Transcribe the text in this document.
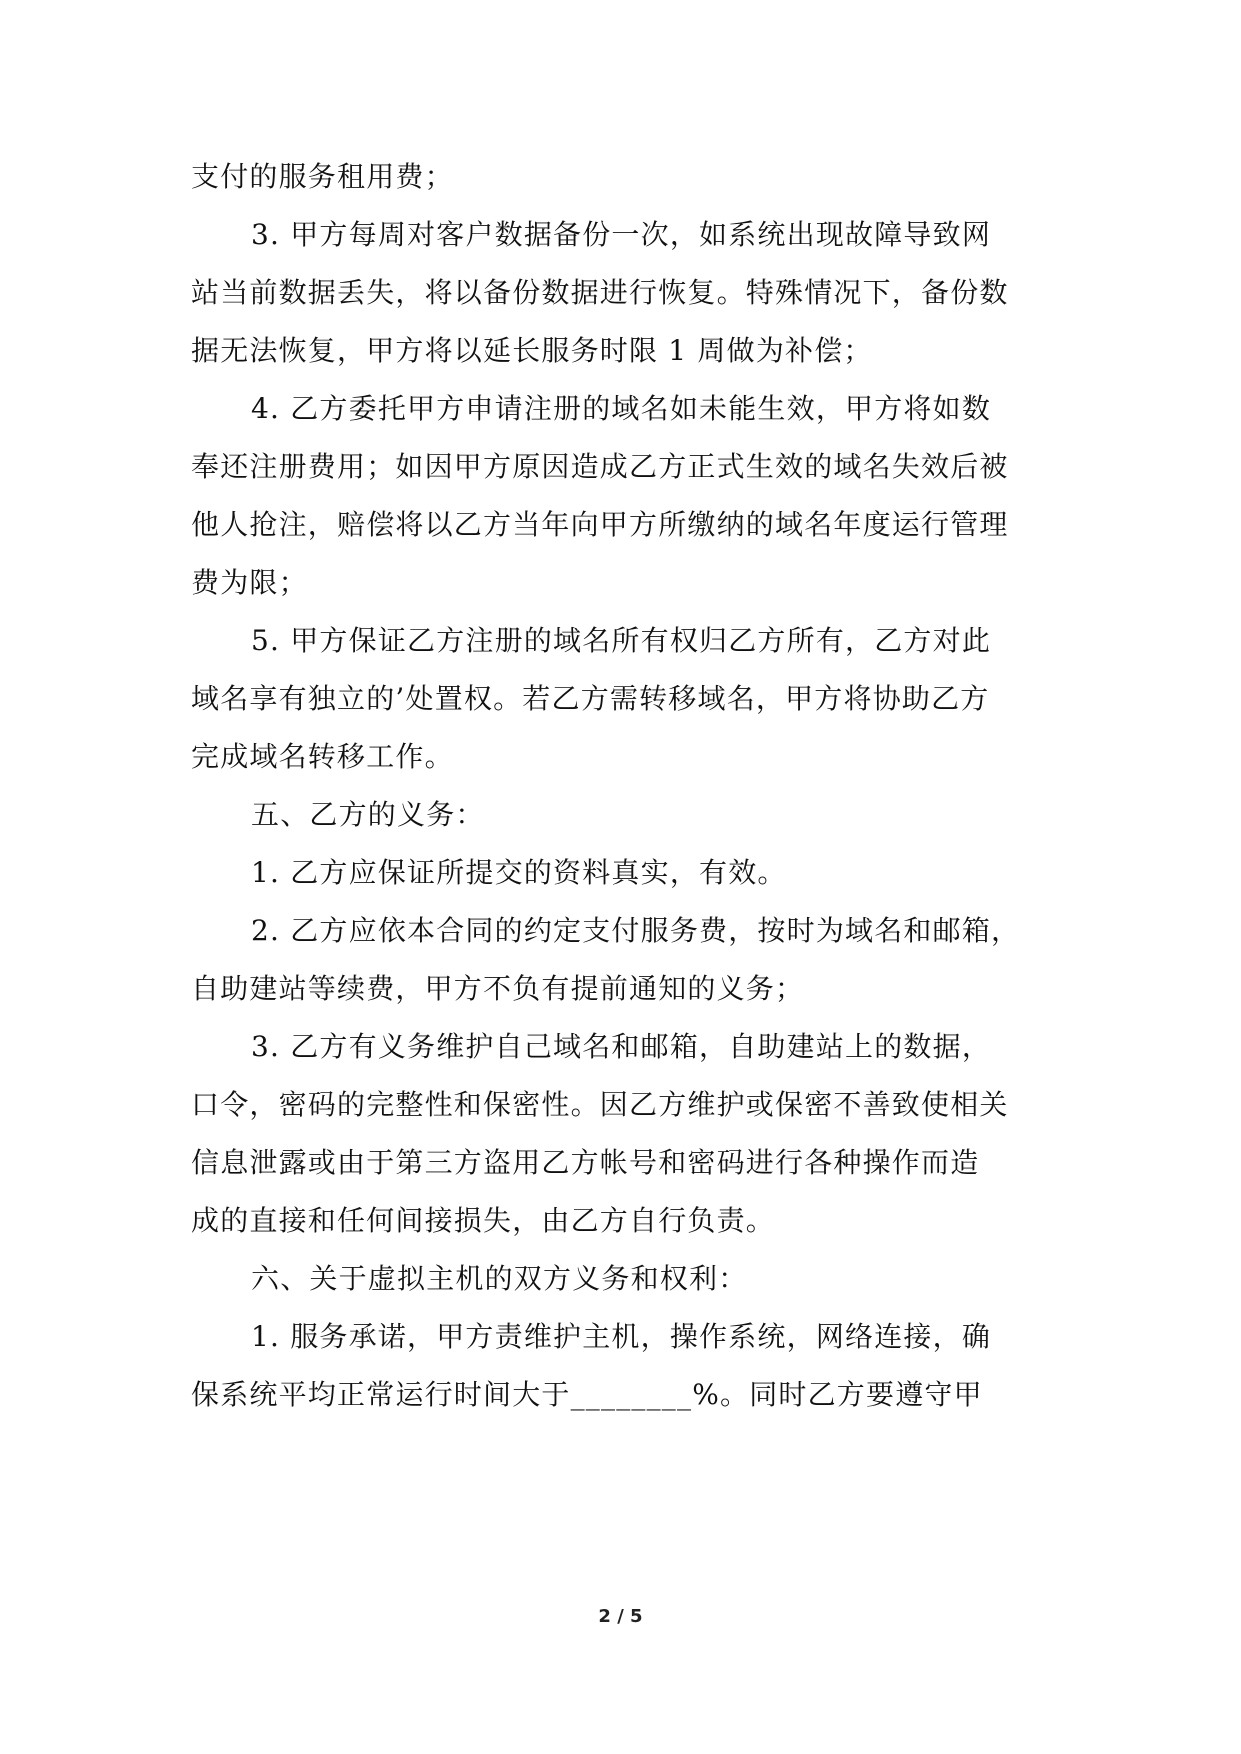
支付的服务租用费；
3. 甲方每周对客户数据备份一次，如系统出现故障导致网
站当前数据丢失，将以备份数据进行恢复。特殊情况下，备份数
据无法恢复，甲方将以延长服务时限 1 周做为补偿；
4. 乙方委托甲方申请注册的域名如未能生效，甲方将如数
奉还注册费用；如因甲方原因造成乙方正式生效的域名失效后被
他人抢注，赔偿将以乙方当年向甲方所缴纳的域名年度运行管理
费为限；
5. 甲方保证乙方注册的域名所有权归乙方所有，乙方对此
域名享有独立的’处置权。若乙方需转移域名，甲方将协助乙方
完成域名转移工作。
五、乙方的义务：
1. 乙方应保证所提交的资料真实，有效。
2. 乙方应依本合同的约定支付服务费，按时为域名和邮箱，
自助建站等续费，甲方不负有提前通知的义务；
3. 乙方有义务维护自己域名和邮箱，自助建站上的数据，
口令，密码的完整性和保密性。因乙方维护或保密不善致使相关
信息泄露或由于第三方盗用乙方帐号和密码进行各种操作而造
成的直接和任何间接损失，由乙方自行负责。
六、关于虚拟主机的双方义务和权利：
1. 服务承诺，甲方责维护主机，操作系统，网络连接，确
保系统平均正常运行时间大于________%。同时乙方要遵守甲
2 / 5
